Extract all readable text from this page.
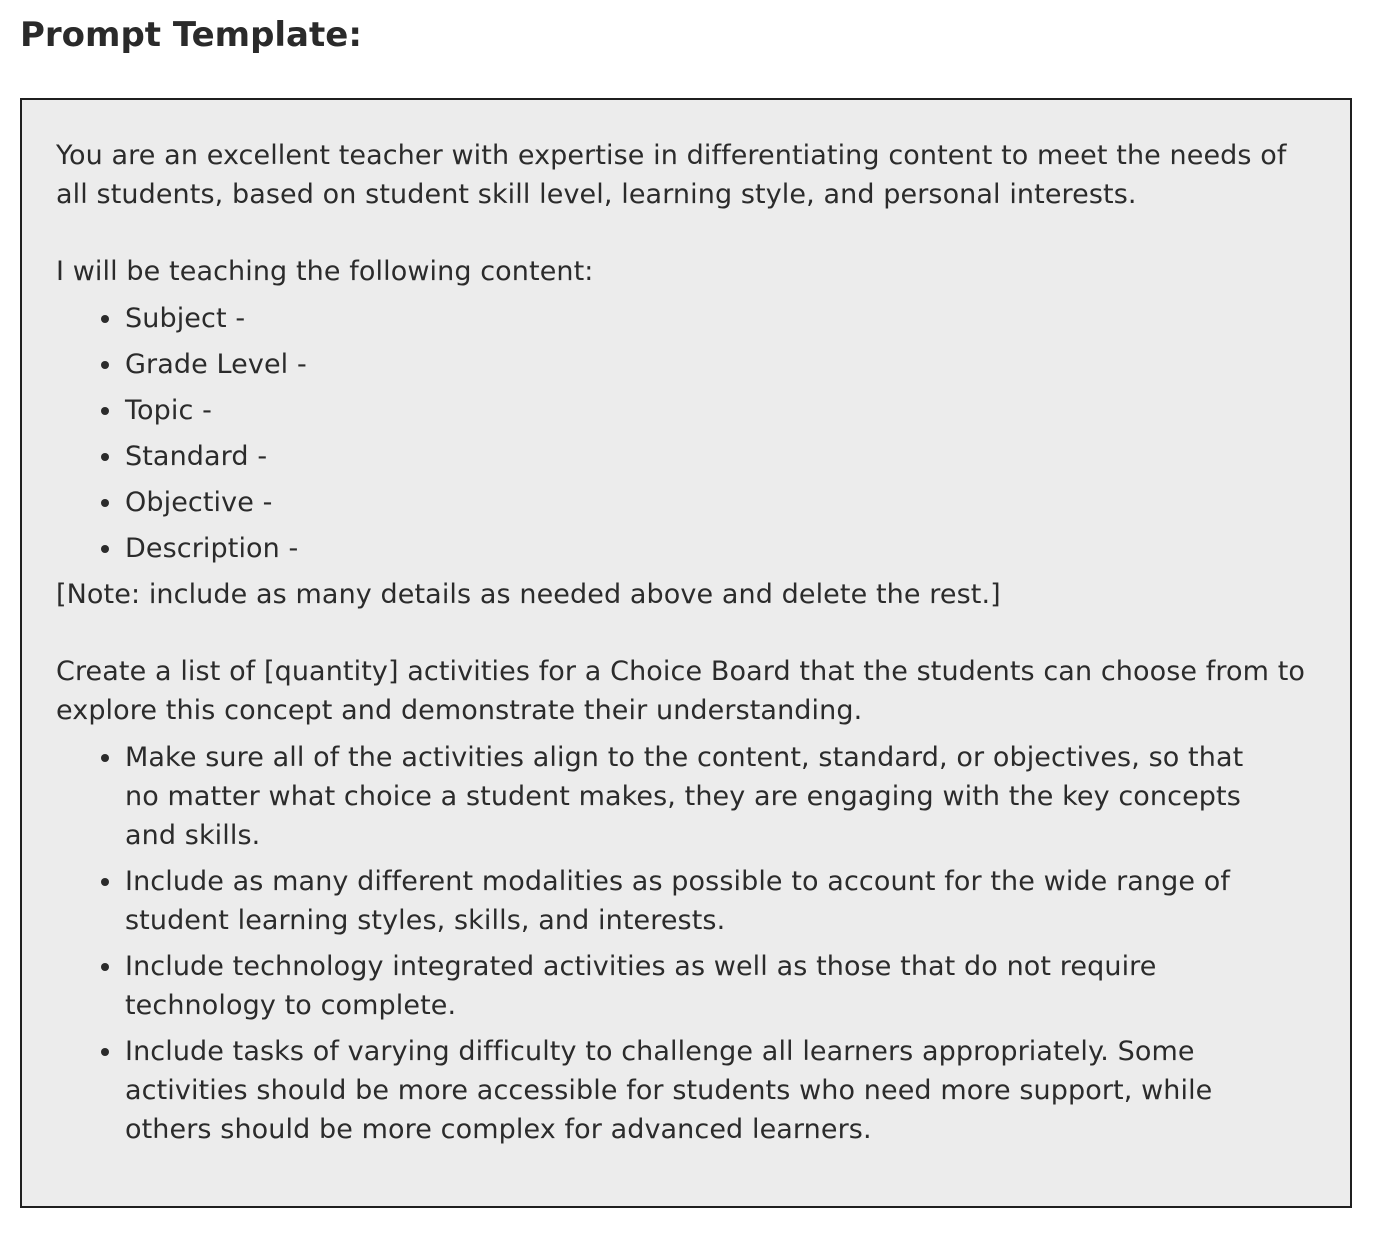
Prompt Template:

You are an excellent teacher with expertise in differentiating content to meet the needs of all students, based on student skill level, learning style, and personal interests.

I will be teaching the following content:

Subject -
Grade Level -
Topic -
Standard -
Objective -
Description -

[Note: include as many details as needed above and delete the rest.]

Create a list of [quantity] activities for a Choice Board that the students can choose from to explore this concept and demonstrate their understanding.

Make sure all of the activities align to the content, standard, or objectives, so that no matter what choice a student makes, they are engaging with the key concepts and skills.
Include as many different modalities as possible to account for the wide range of student learning styles, skills, and interests.
Include technology integrated activities as well as those that do not require technology to complete.
Include tasks of varying difficulty to challenge all learners appropriately. Some activities should be more accessible for students who need more support, while others should be more complex for advanced learners.
